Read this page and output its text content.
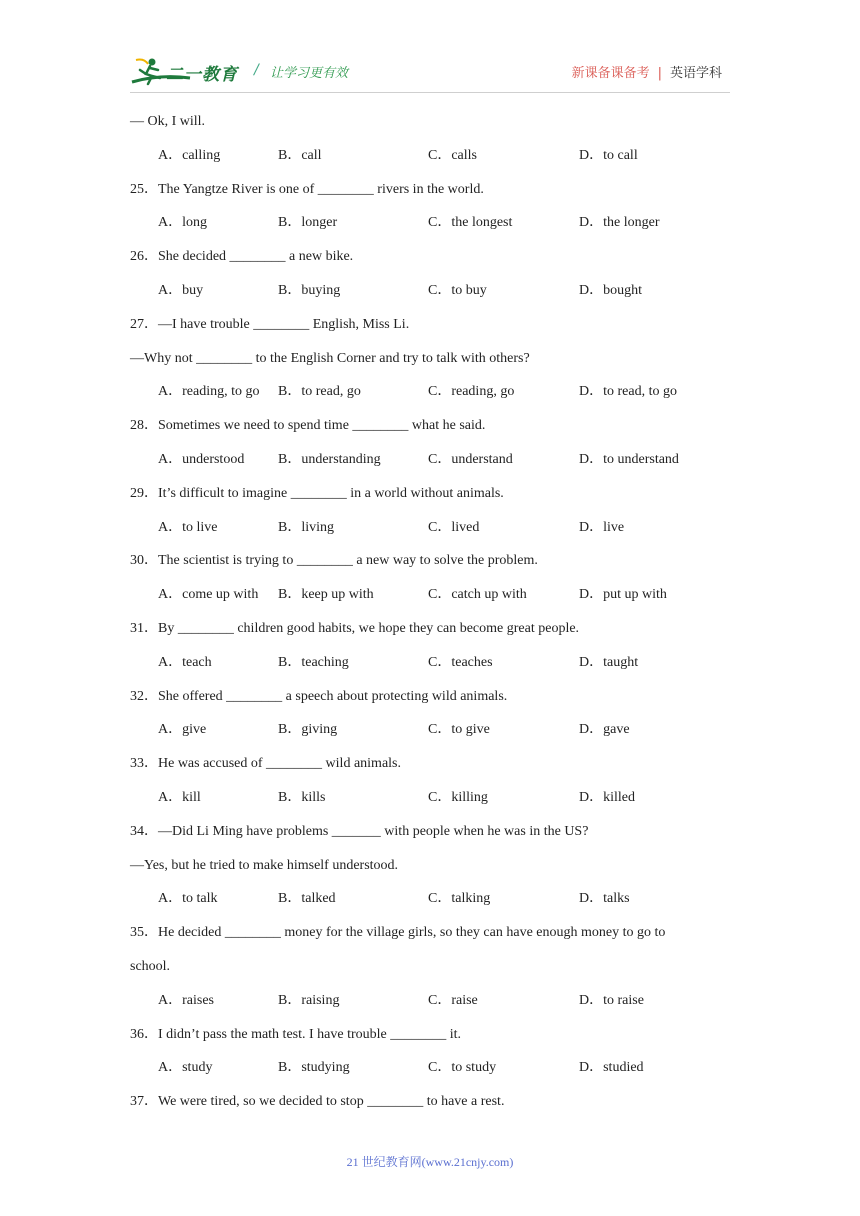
二一教育 / 让学习更有效	新课备课备考 | 英语学科
— Ok, I will.
A．calling	B．call	C．calls	D．to call
25．The Yangtze River is one of ________ rivers in the world.
A．long	B．longer	C．the longest	D．the longer
26．She decided ________ a new bike.
A．buy	B．buying	C．to buy	D．bought
27．—I have trouble ________ English, Miss Li.
—Why not ________ to the English Corner and try to talk with others?
A．reading, to go B．to read, go	C．reading, go	D．to read, to go
28．Sometimes we need to spend time ________ what he said.
A．understood B．understanding	C．understand	D．to understand
29．It’s difficult to imagine ________ in a world without animals.
A．to live	B．living	C．lived	D．live
30．The scientist is trying to ________ a new way to solve the problem.
A．come up with B．keep up with	C．catch up with	D．put up with
31．By ________ children good habits, we hope they can become great people.
A．teach	B．teaching	C．teaches	D．taught
32．She offered ________ a speech about protecting wild animals.
A．give	B．giving	C．to give	D．gave
33．He was accused of ________ wild animals.
A．kill	B．kills	C．killing	D．killed
34．—Did Li Ming have problems _______ with people when he was in the US?
—Yes, but he tried to make himself understood.
A．to talk	B．talked	C．talking	D．talks
35．He decided ________ money for the village girls, so they can have enough money to go to
school.
A．raises	B．raising	C．raise	D．to raise
36．I didn’t pass the math test. I have trouble ________ it.
A．study	B．studying	C．to study	D．studied
37．We were tired, so we decided to stop ________ to have a rest.
21 世纪教育网(www.21cnjy.com)
